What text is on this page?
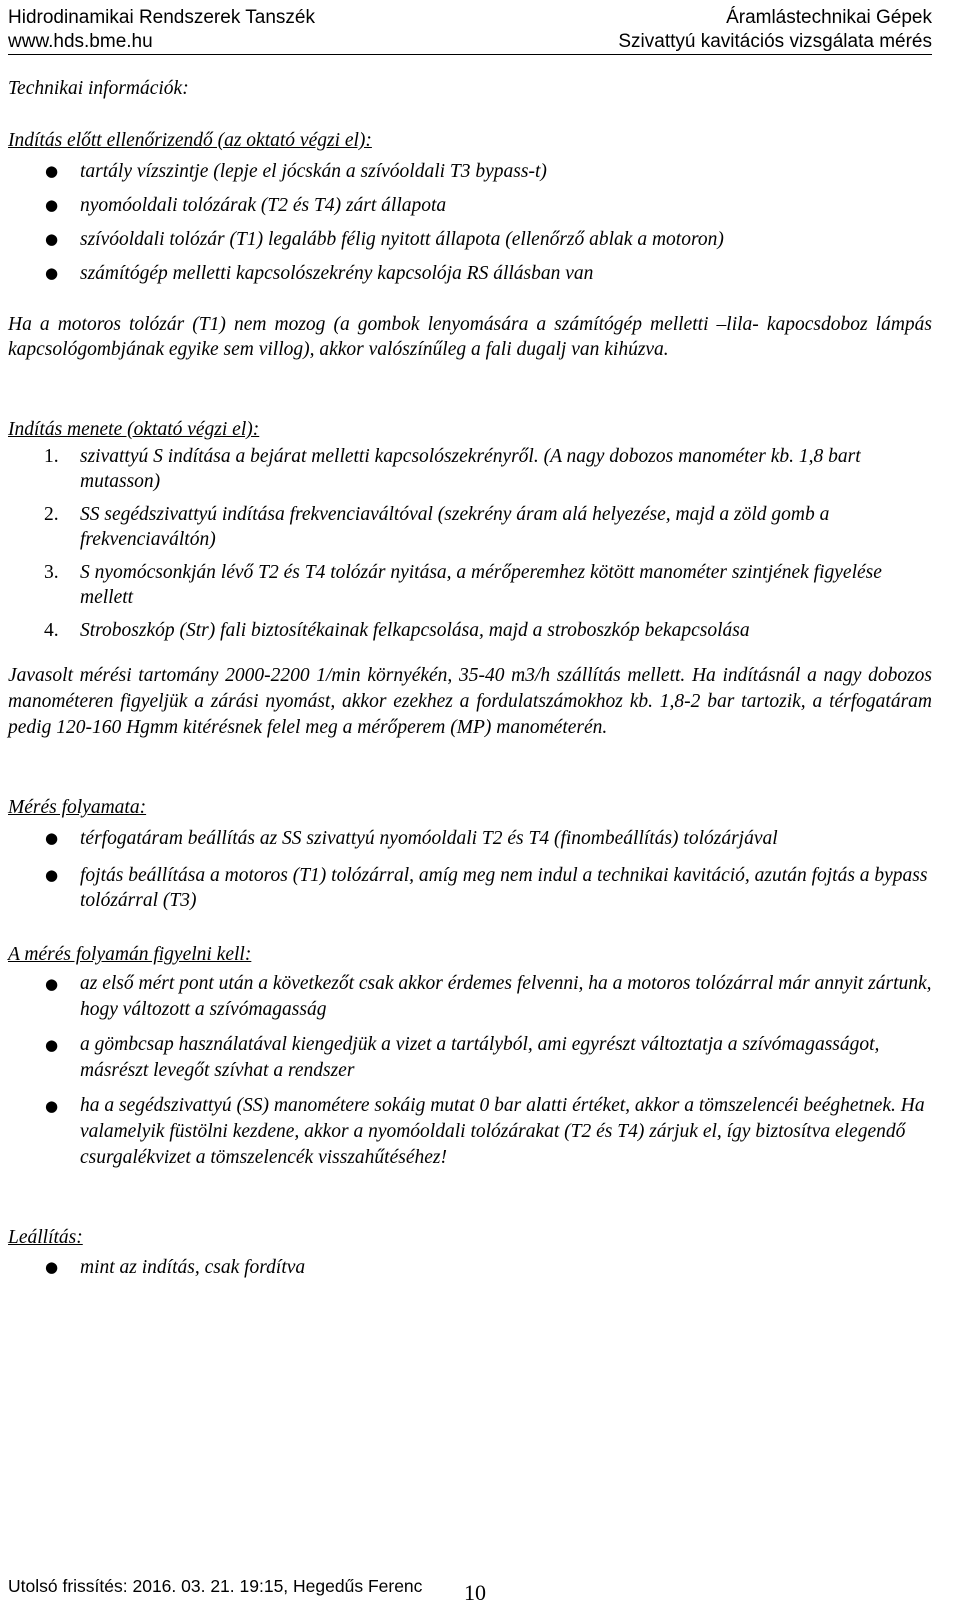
Hidrodinamikai Rendszerek Tanszék	Áramlástechnikai Gépek
www.hds.bme.hu	Szivattyú kavitációs vizsgálata mérés

Technikai információk:

Indítás előtt ellenőrizendő (az oktató végzi el):

● tartály vízszintje (lepje el jócskán a szívóoldali T3 bypass-t)
● nyomóoldali tolózárak (T2 és T4) zárt állapota
● szívóoldali tolózár (T1) legalább félig nyitott állapota (ellenőrző ablak a motoron)
● számítógép melletti kapcsolószekrény kapcsolója RS állásban van

Ha a motoros tolózár (T1) nem mozog (a gombok lenyomására a számítógép melletti –lila- kapocsdoboz lámpás kapcsológombjának egyike sem villog), akkor valószínűleg a fali dugalj van kihúzva.

Indítás menete (oktató végzi el):

1. szivattyú S indítása a bejárat melletti kapcsolószekrényről. (A nagy dobozos manométer kb. 1,8 bart mutasson)
2. SS segédszivattyú indítása frekvenciaváltóval (szekrény áram alá helyezése, majd a zöld gomb a frekvenciaváltón)
3. S nyomócsonkján lévő T2 és T4 tolózár nyitása, a mérőperemhez kötött manométer szintjének figyelése mellett
4. Stroboszkóp (Str) fali biztosítékainak felkapcsolása, majd a stroboszkóp bekapcsolása

Javasolt mérési tartomány 2000-2200 1/min környékén, 35-40 m3/h szállítás mellett. Ha indításnál a nagy dobozos manométeren figyeljük a zárási nyomást, akkor ezekhez a fordulatszámokhoz kb. 1,8-2 bar tartozik, a térfogatáram pedig 120-160 Hgmm kitérésnek felel meg a mérőperem (MP) manométerén.

Mérés folyamata:

● térfogatáram beállítás az SS szivattyú nyomóoldali T2 és T4 (finombeállítás) tolózárjával
● fojtás beállítása a motoros (T1) tolózárral, amíg meg nem indul a technikai kavitáció, azután fojtás a bypass tolózárral (T3)

A mérés folyamán figyelni kell:

● az első mért pont után a következőt csak akkor érdemes felvenni, ha a motoros tolózárral már annyit zártunk, hogy változott a szívómagasság
● a gömbcsap használatával kiengedjük a vizet a tartályból, ami egyrészt változtatja a szívómagasságot, másrészt levegőt szívhat a rendszer
● ha a segédszivattyú (SS) manométere sokáig mutat 0 bar alatti értéket, akkor a tömszelencéi beéghetnek. Ha valamelyik füstölni kezdene, akkor a nyomóoldali tolózárakat (T2 és T4) zárjuk el, így biztosítva elegendő csurgalékvizet a tömszelencék visszahűtéséhez!

Leállítás:

● mint az indítás, csak fordítva
Utolsó frissítés: 2016. 03. 21. 19:15, Hegedűs Ferenc 10
